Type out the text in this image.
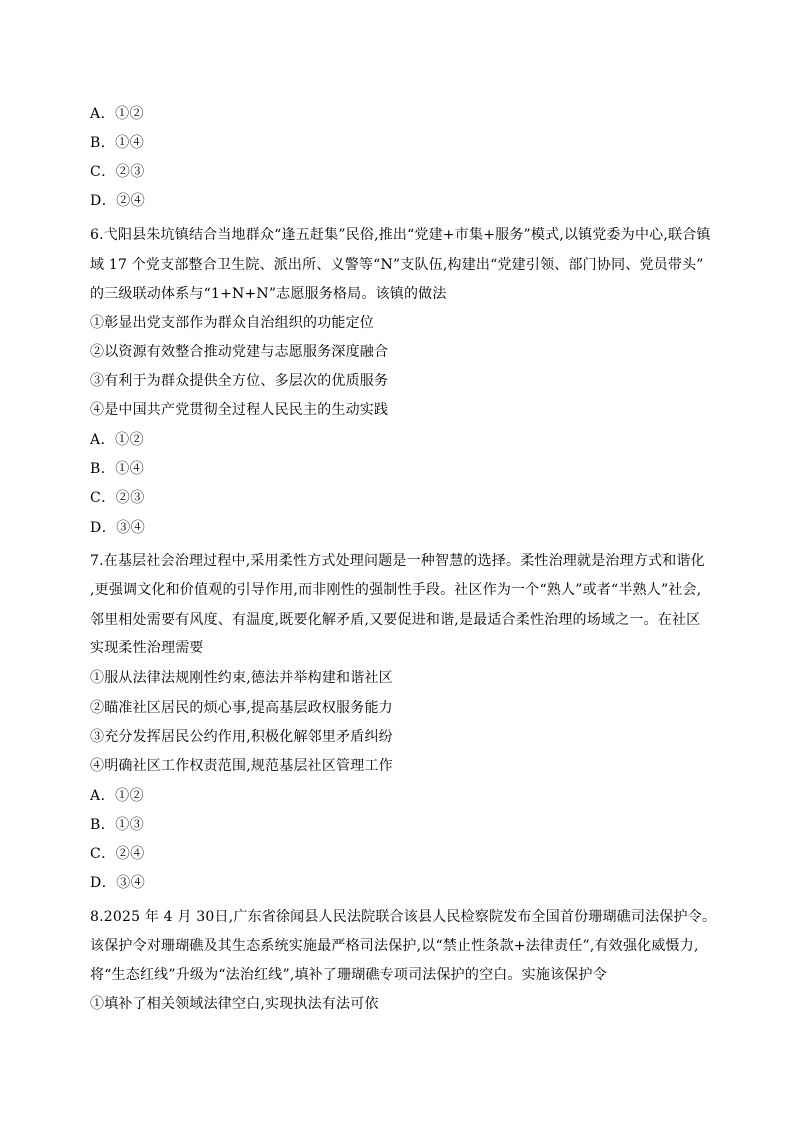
A．①②
B．①④
C．②③
D．②④
6.弋阳县朱坑镇结合当地群众“逢五赶集”民俗,推出“党建+市集+服务”模式,以镇党委为中心,联合镇
域 17 个党支部整合卫生院、派出所、义警等“N”支队伍,构建出“党建引领、部门协同、党员带头”
的三级联动体系与“1+N+N”志愿服务格局。该镇的做法
①彰显出党支部作为群众自治组织的功能定位
②以资源有效整合推动党建与志愿服务深度融合
③有利于为群众提供全方位、多层次的优质服务
④是中国共产党贯彻全过程人民民主的生动实践
A．①②
B．①④
C．②③
D．③④
7.在基层社会治理过程中,采用柔性方式处理问题是一种智慧的选择。柔性治理就是治理方式和谐化
,更强调文化和价值观的引导作用,而非刚性的强制性手段。社区作为一个“熟人”或者“半熟人”社会,
邻里相处需要有风度、有温度,既要化解矛盾,又要促进和谐,是最适合柔性治理的场域之一。在社区
实现柔性治理需要
①服从法律法规刚性约束,德法并举构建和谐社区
②瞄准社区居民的烦心事,提高基层政权服务能力
③充分发挥居民公约作用,积极化解邻里矛盾纠纷
④明确社区工作权责范围,规范基层社区管理工作
A．①②
B．①③
C．②④
D．③④
8.2025 年 4 月 30日,广东省徐闻县人民法院联合该县人民检察院发布全国首份珊瑚礁司法保护令。
该保护令对珊瑚礁及其生态系统实施最严格司法保护,以“禁止性条款+法律责任”,有效强化威慑力,
将“生态红线”升级为“法治红线”,填补了珊瑚礁专项司法保护的空白。实施该保护令
①填补了相关领域法律空白,实现执法有法可依
